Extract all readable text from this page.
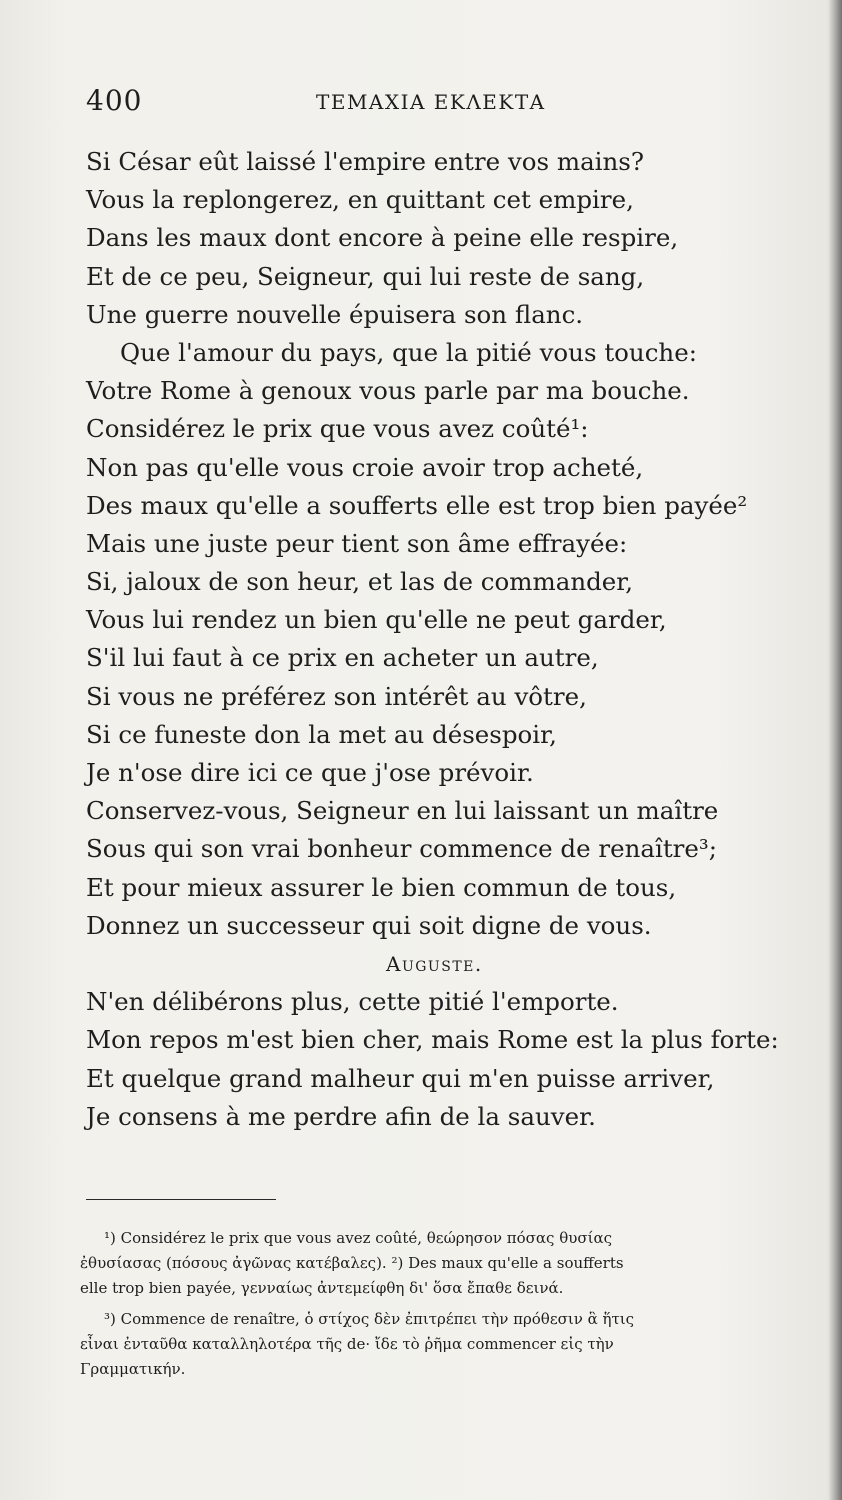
400	ΤΕΜΑΧΙΑ ΕΚΛΕΚΤΑ
Si César eût laissé l'empire entre vos mains?
Vous la replongerez, en quittant cet empire,
Dans les maux dont encore à peine elle respire,
Et de ce peu, Seigneur, qui lui reste de sang,
Une guerre nouvelle épuisera son flanc.
Que l'amour du pays, que la pitié vous touche:
Votre Rome à genoux vous parle par ma bouche.
Considérez le prix que vous avez coûté¹:
Non pas qu'elle vous croie avoir trop acheté,
Des maux qu'elle a soufferts elle est trop bien payée²
Mais une juste peur tient son âme effrayée:
Si, jaloux de son heur, et las de commander,
Vous lui rendez un bien qu'elle ne peut garder,
S'il lui faut à ce prix en acheter un autre,
Si vous ne préférez son intérêt au vôtre,
Si ce funeste don la met au désespoir,
Je n'ose dire ici ce que j'ose prévoir.
Conservez-vous, Seigneur en lui laissant un maître
Sous qui son vrai bonheur commence de renaître³;
Et pour mieux assurer le bien commun de tous,
Donnez un successeur qui soit digne de vous.
Auguste.
N'en délibérons plus, cette pitié l'emporte.
Mon repos m'est bien cher, mais Rome est la plus forte:
Et quelque grand malheur qui m'en puisse arriver,
Je consens à me perdre afin de la sauver.
¹) Considérez le prix que vous avez coûté, θεώρησον πόσας θυσίας
ἐθυσίασας (πόσους ἀγῶνας κατέβαλες). ²) Des maux qu'elle a soufferts
elle trop bien payée, γενναίως ἀντεμείφθη δι' ὅσα ἔπαθε δεινά.
³) Commence de renaître, ὁ στίχος δὲν ἐπιτρέπει τὴν πρόθεσιν ἃ ἥτις
εἶναι ἐνταῦθα καταλληλοτέρα τῆς de· ἴδε τὸ ῥῆμα commencer εἰς τὴν
Γραμματικήν.
